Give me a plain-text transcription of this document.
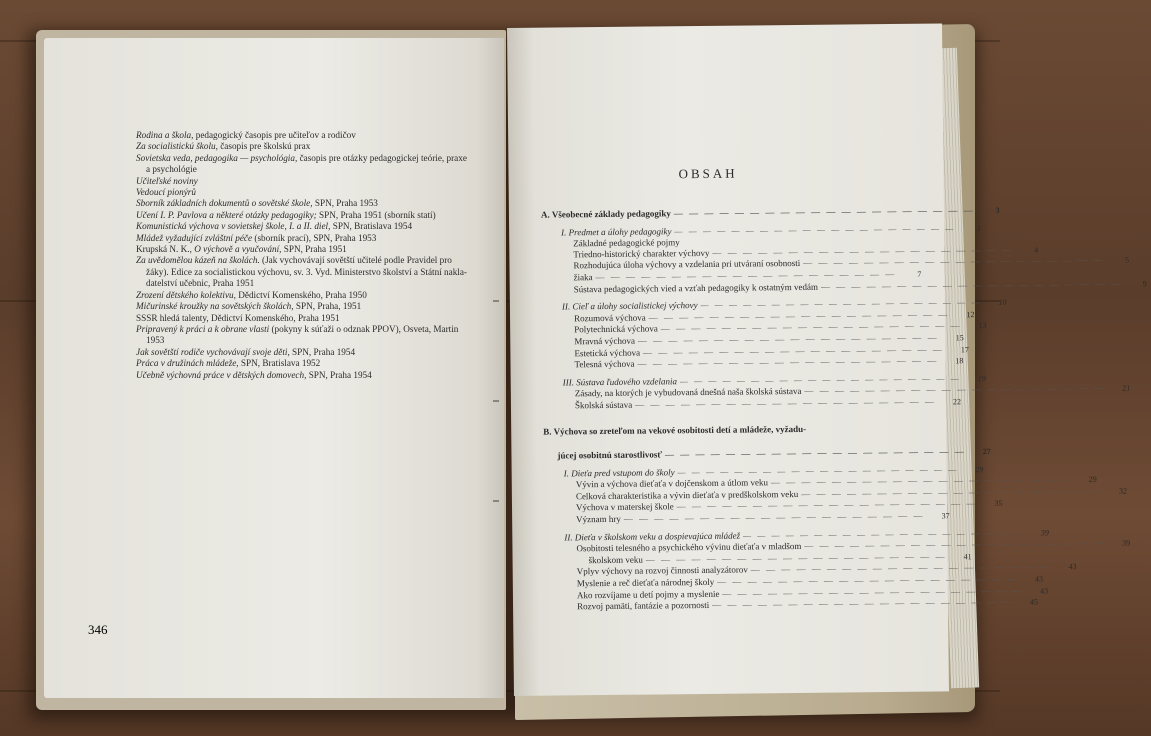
Rodina a škola, pedagogický časopis pre učiteľov a rodičov
Za socialistickú školu, časopis pre školskú prax
Sovietska veda, pedagogika — psychológia, časopis pre otázky pedagogickej teórie, praxe
a psychológie
Učiteľské noviny
Vedoucí pionýrů
Sborník základních dokumentů o sovětské škole, SPN, Praha 1953
Učení I. P. Pavlova a některé otázky pedagogiky; SPN, Praha 1951 (sborník statí)
Komunistická výchova v sovietskej škole, I. a II. diel, SPN, Bratislava 1954
Mládež vyžadující zvláštní péče (sborník prací), SPN, Praha 1953
Krupská N. K., O výchově a vyučování, SPN, Praha 1951
Za uvědomělou kázeň na školách. (Jak vychovávají sovětští učitelé podle Pravidel pro
žáky). Edice za socialistickou výchovu, sv. 3. Vyd. Ministerstvo školství a Státní nakla-
datelství učebnic, Praha 1951
Zrození dětského kolektivu, Dědictví Komenského, Praha 1950
Mičurinské kroužky na sovětských školách, SPN, Praha, 1951
SSSR hledá talenty, Dědictví Komenského, Praha 1951
Pripravený k práci a k obrane vlasti (pokyny k súťaži o odznak PPOV), Osveta, Martin
1953
Jak sovětští rodiče vychovávají svoje děti, SPN, Praha 1954
Práca v družinách mládeže, SPN, Bratislava 1952
Učebně výchovná práce v dětských domovech, SPN, Praha 1954
346
OBSAH
A. Všeobecné základy pedagogiky — — — — — — — — — — — — — — — — — — — —	3
I. Predmet a úlohy pedagogiky — — — — — — — — — — — — — — — — — — — —	3
Základné pedagogické pojmy
Triedno-historický charakter výchovy — — — — — — — — — — — — — — — — — — — —	4
Rozhodujúca úloha výchovy a vzdelania pri utváraní osobnosti — — — — — — — — — — — — — — — — — — — —	5
žiaka — — — — — — — — — — — — — — — — — — — —	7
Sústava pedagogických vied a vzťah pedagogiky k ostatným vedám — — — — — — — — — — — — — — — — — — — —	9
II. Cieľ a úlohy socialistickej výchovy — — — — — — — — — — — — — — — — — — — —	10
Rozumová výchova — — — — — — — — — — — — — — — — — — — —	12
Polytechnická výchova — — — — — — — — — — — — — — — — — — — —	13
Mravná výchova — — — — — — — — — — — — — — — — — — — —	15
Estetická výchova — — — — — — — — — — — — — — — — — — — —	17
Telesná výchova — — — — — — — — — — — — — — — — — — — —	18
III. Sústava ľudového vzdelania — — — — — — — — — — — — — — — — — — — —	19
Zásady, na ktorých je vybudovaná dnešná naša školská sústava — — — — — — — — — — — — — — — — — — — —	21
Školská sústava — — — — — — — — — — — — — — — — — — — —	22
B. Výchova so zreteľom na vekové osobitosti detí a mládeže, vyžadu-
júcej osobitnú starostlivosť — — — — — — — — — — — — — — — — — — — —	27
I. Dieťa pred vstupom do školy — — — — — — — — — — — — — — — — — — — —	29
Vývin a výchova dieťaťa v dojčenskom a útlom veku — — — — — — — — — — — — — — — — — — — —	29
Celková charakteristika a vývin dieťaťa v predškolskom veku — — — — — — — — — — — — — — — — — — — —	32
Výchova v materskej škole — — — — — — — — — — — — — — — — — — — —	35
Význam hry — — — — — — — — — — — — — — — — — — — —	37
II. Dieťa v školskom veku a dospievajúca mládež — — — — — — — — — — — — — — — — — — — —	39
Osobitosti telesného a psychického vývinu dieťaťa v mladšom — — — — — — — — — — — — — — — — — — — —	39
školskom veku — — — — — — — — — — — — — — — — — — — —	41
Vplyv výchovy na rozvoj činnosti analyzátorov — — — — — — — — — — — — — — — — — — — —	43
Myslenie a reč dieťaťa národnej školy — — — — — — — — — — — — — — — — — — — —	43
Ako rozvíjame u detí pojmy a myslenie — — — — — — — — — — — — — — — — — — — —	43
Rozvoj pamäti, fantázie a pozornosti — — — — — — — — — — — — — — — — — — — —	45
